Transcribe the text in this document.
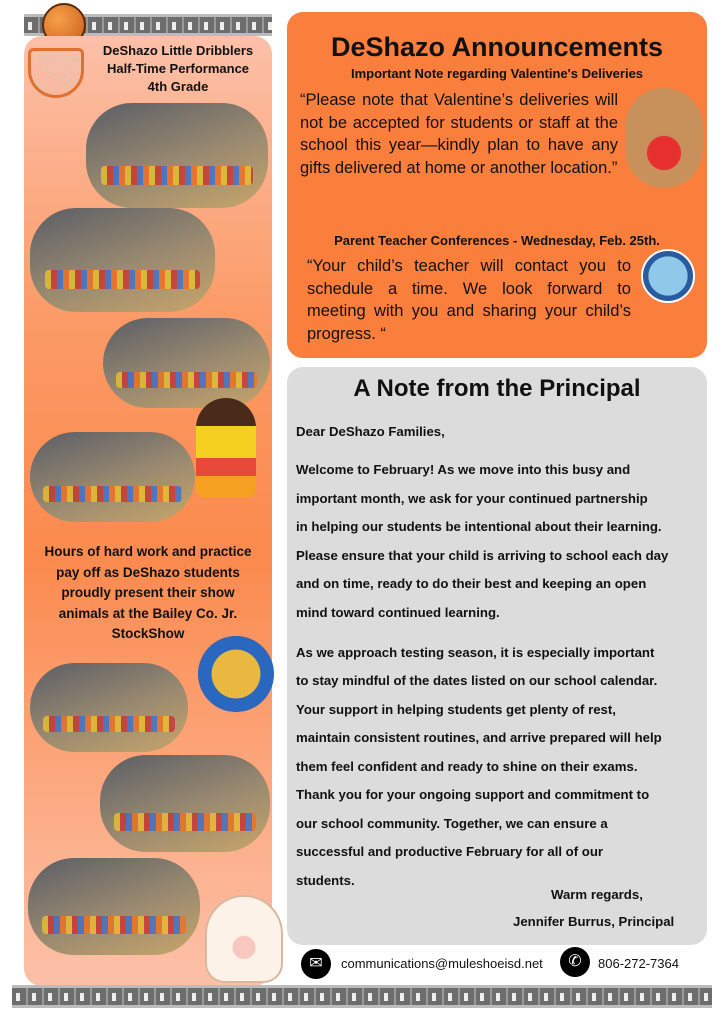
DeShazo Little Dribblers
Half-Time Performance
4th Grade
Hours of hard work and practice
pay off as DeShazo students
proudly present their show
animals at the Bailey Co. Jr.
StockShow
DeShazo Announcements
Important Note regarding Valentine's Deliveries
“Please note that Valentine’s deliveries will not be accepted for students or staff at the school this year—kindly plan to have any gifts delivered at home or another location.”
Parent Teacher Conferences - Wednesday, Feb. 25th.
“Your child’s teacher will contact you to schedule a time. We look forward to meeting with you and sharing your child’s progress. “
A Note from the Principal
Dear DeShazo Families,
Welcome to February! As we move into this busy and
important month, we ask for your continued partnership
in helping our students be intentional about their learning.
Please ensure that your child is arriving to school each day
and on time, ready to do their best and keeping an open
mind toward continued learning.
As we approach testing season, it is especially important
to stay mindful of the dates listed on our school calendar.
Your support in helping students get plenty of rest,
maintain consistent routines, and arrive prepared will help
them feel confident and ready to shine on their exams.
Thank you for your ongoing support and commitment to
our school community. Together, we can ensure a
successful and productive February for all of our
students.
Warm regards,
Jennifer Burrus, Principal
✉	communications@muleshoeisd.net	✆	806-272-7364
